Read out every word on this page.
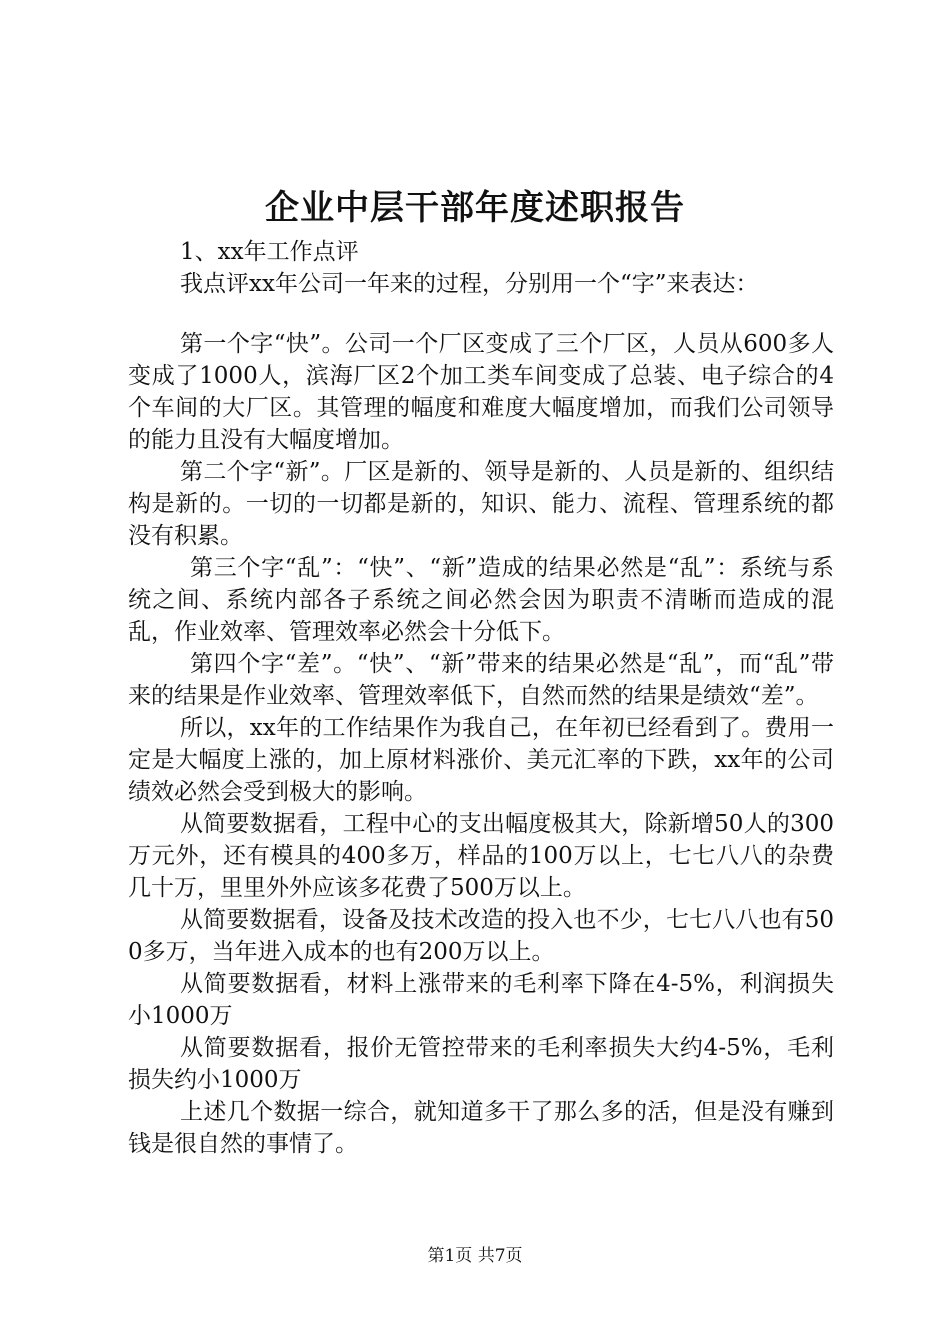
企业中层干部年度述职报告

1、xx年工作点评

我点评xx年公司一年来的过程，分别用一个“字”来表达：

第一个字“快”。公司一个厂区变成了三个厂区，人员从600多人变成了1000人，滨海厂区2个加工类车间变成了总装、电子综合的4个车间的大厂区。其管理的幅度和难度大幅度增加，而我们公司领导的能力且没有大幅度增加。

第二个字“新”。厂区是新的、领导是新的、人员是新的、组织结构是新的。一切的一切都是新的，知识、能力、流程、管理系统的都没有积累。

第三个字“乱”：“快”、“新”造成的结果必然是“乱”：系统与系统之间、系统内部各子系统之间必然会因为职责不清晰而造成的混乱，作业效率、管理效率必然会十分低下。

第四个字“差”。“快”、“新”带来的结果必然是“乱”，而“乱”带来的结果是作业效率、管理效率低下，自然而然的结果是绩效“差”。

所以，xx年的工作结果作为我自己，在年初已经看到了。费用一定是大幅度上涨的，加上原材料涨价、美元汇率的下跌，xx年的公司绩效必然会受到极大的影响。

从简要数据看，工程中心的支出幅度极其大，除新增50人的300万元外，还有模具的400多万，样品的100万以上，七七八八的杂费几十万，里里外外应该多花费了500万以上。

从简要数据看，设备及技术改造的投入也不少，七七八八也有500多万，当年进入成本的也有200万以上。

从简要数据看，材料上涨带来的毛利率下降在4-5%，利润损失小1000万

从简要数据看，报价无管控带来的毛利率损失大约4-5%，毛利损失约小1000万

上述几个数据一综合，就知道多干了那么多的活，但是没有赚到钱是很自然的事情了。

第1页 共7页
